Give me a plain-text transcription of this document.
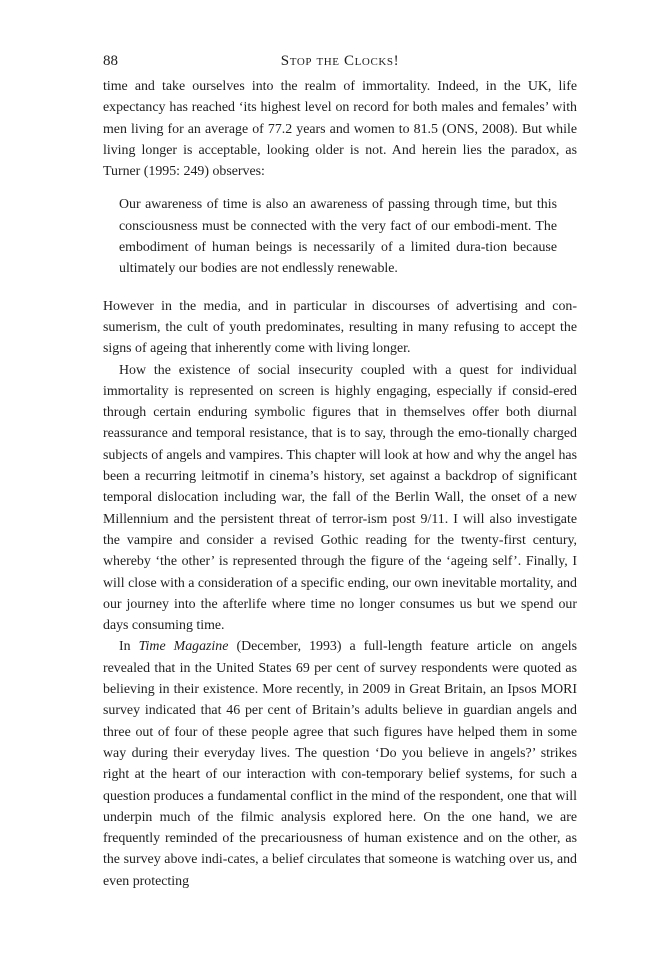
88	Stop the Clocks!

time and take ourselves into the realm of immortality. Indeed, in the UK, life expectancy has reached ‘its highest level on record for both males and females’ with men living for an average of 77.2 years and women to 81.5 (ONS, 2008). But while living longer is acceptable, looking older is not. And herein lies the paradox, as Turner (1995: 249) observes:

Our awareness of time is also an awareness of passing through time, but this consciousness must be connected with the very fact of our embodi-ment. The embodiment of human beings is necessarily of a limited dura-tion because ultimately our bodies are not endlessly renewable.

However in the media, and in particular in discourses of advertising and con-sumerism, the cult of youth predominates, resulting in many refusing to accept the signs of ageing that inherently come with living longer.

How the existence of social insecurity coupled with a quest for individual immortality is represented on screen is highly engaging, especially if consid-ered through certain enduring symbolic figures that in themselves offer both diurnal reassurance and temporal resistance, that is to say, through the emo-tionally charged subjects of angels and vampires. This chapter will look at how and why the angel has been a recurring leitmotif in cinema’s history, set against a backdrop of significant temporal dislocation including war, the fall of the Berlin Wall, the onset of a new Millennium and the persistent threat of terror-ism post 9/11. I will also investigate the vampire and consider a revised Gothic reading for the twenty-first century, whereby ‘the other’ is represented through the figure of the ‘ageing self’. Finally, I will close with a consideration of a specific ending, our own inevitable mortality, and our journey into the afterlife where time no longer consumes us but we spend our days consuming time.

In Time Magazine (December, 1993) a full-length feature article on angels revealed that in the United States 69 per cent of survey respondents were quoted as believing in their existence. More recently, in 2009 in Great Britain, an Ipsos MORI survey indicated that 46 per cent of Britain’s adults believe in guardian angels and three out of four of these people agree that such figures have helped them in some way during their everyday lives. The question ‘Do you believe in angels?’ strikes right at the heart of our interaction with con-temporary belief systems, for such a question produces a fundamental conflict in the mind of the respondent, one that will underpin much of the filmic analysis explored here. On the one hand, we are frequently reminded of the precariousness of human existence and on the other, as the survey above indi-cates, a belief circulates that someone is watching over us, and even protecting
